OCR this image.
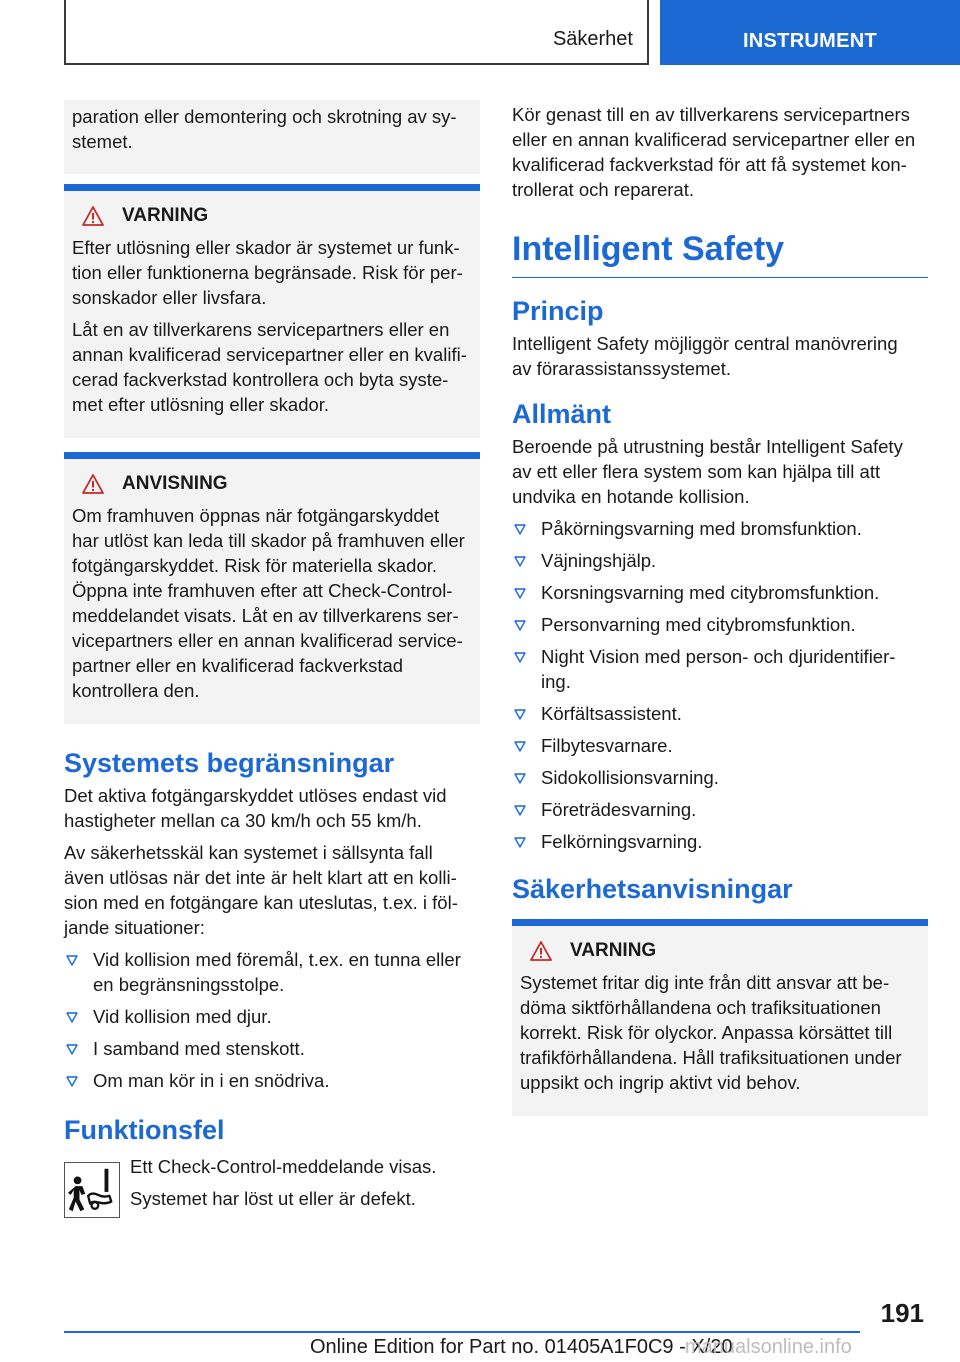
Säkerhet	INSTRUMENT

paration eller demontering och skrotning av sy-
stemet.

VARNING

Efter utlösning eller skador är systemet ur funk-
tion eller funktionerna begränsade. Risk för per-
sonskador eller livsfara.

Låt en av tillverkarens servicepartners eller en
annan kvalificerad servicepartner eller en kvalifi-
cerad fackverkstad kontrollera och byta syste-
met efter utlösning eller skador.

ANVISNING

Om framhuven öppnas när fotgängarskyddet
har utlöst kan leda till skador på framhuven eller
fotgängarskyddet. Risk för materiella skador.
Öppna inte framhuven efter att Check-Control-
meddelandet visats. Låt en av tillverkarens ser-
vicepartners eller en annan kvalificerad service-
partner eller en kvalificerad fackverkstad
kontrollera den.

Systemets begränsningar

Det aktiva fotgängarskyddet utlöses endast vid
hastigheter mellan ca 30 km/h och 55 km/h.

Av säkerhetsskäl kan systemet i sällsynta fall
även utlösas när det inte är helt klart att en kolli-
sion med en fotgängare kan uteslutas, t.ex. i föl-
jande situationer:

Vid kollision med föremål, t.ex. en tunna eller
en begränsningsstolpe.
Vid kollision med djur.
I samband med stenskott.
Om man kör in i en snödriva.
Funktionsfel

Ett Check-Control-meddelande visas.

Systemet har löst ut eller är defekt.

Kör genast till en av tillverkarens servicepartners
eller en annan kvalificerad servicepartner eller en
kvalificerad fackverkstad för att få systemet kon-
trollerat och reparerat.

Intelligent Safety
Princip

Intelligent Safety möjliggör central manövrering
av förarassistanssystemet.

Allmänt

Beroende på utrustning består Intelligent Safety
av ett eller flera system som kan hjälpa till att
undvika en hotande kollision.

Påkörningsvarning med bromsfunktion.
Väjningshjälp.
Korsningsvarning med citybromsfunktion.
Personvarning med citybromsfunktion.
Night Vision med person- och djuridentifier-
ing.
Körfältsassistent.
Filbytesvarnare.
Sidokollisionsvarning.
Företrädesvarning.
Felkörningsvarning.
Säkerhetsanvisningar
VARNING

Systemet fritar dig inte från ditt ansvar att be-
döma siktförhållandena och trafiksituationen
korrekt. Risk för olyckor. Anpassa körsättet till
trafikförhållandena. Håll trafiksituationen under
uppsikt och ingrip aktivt vid behov.

191
Online Edition for Part no. 01405A1F0C9 - X/20
manualsonline.info
